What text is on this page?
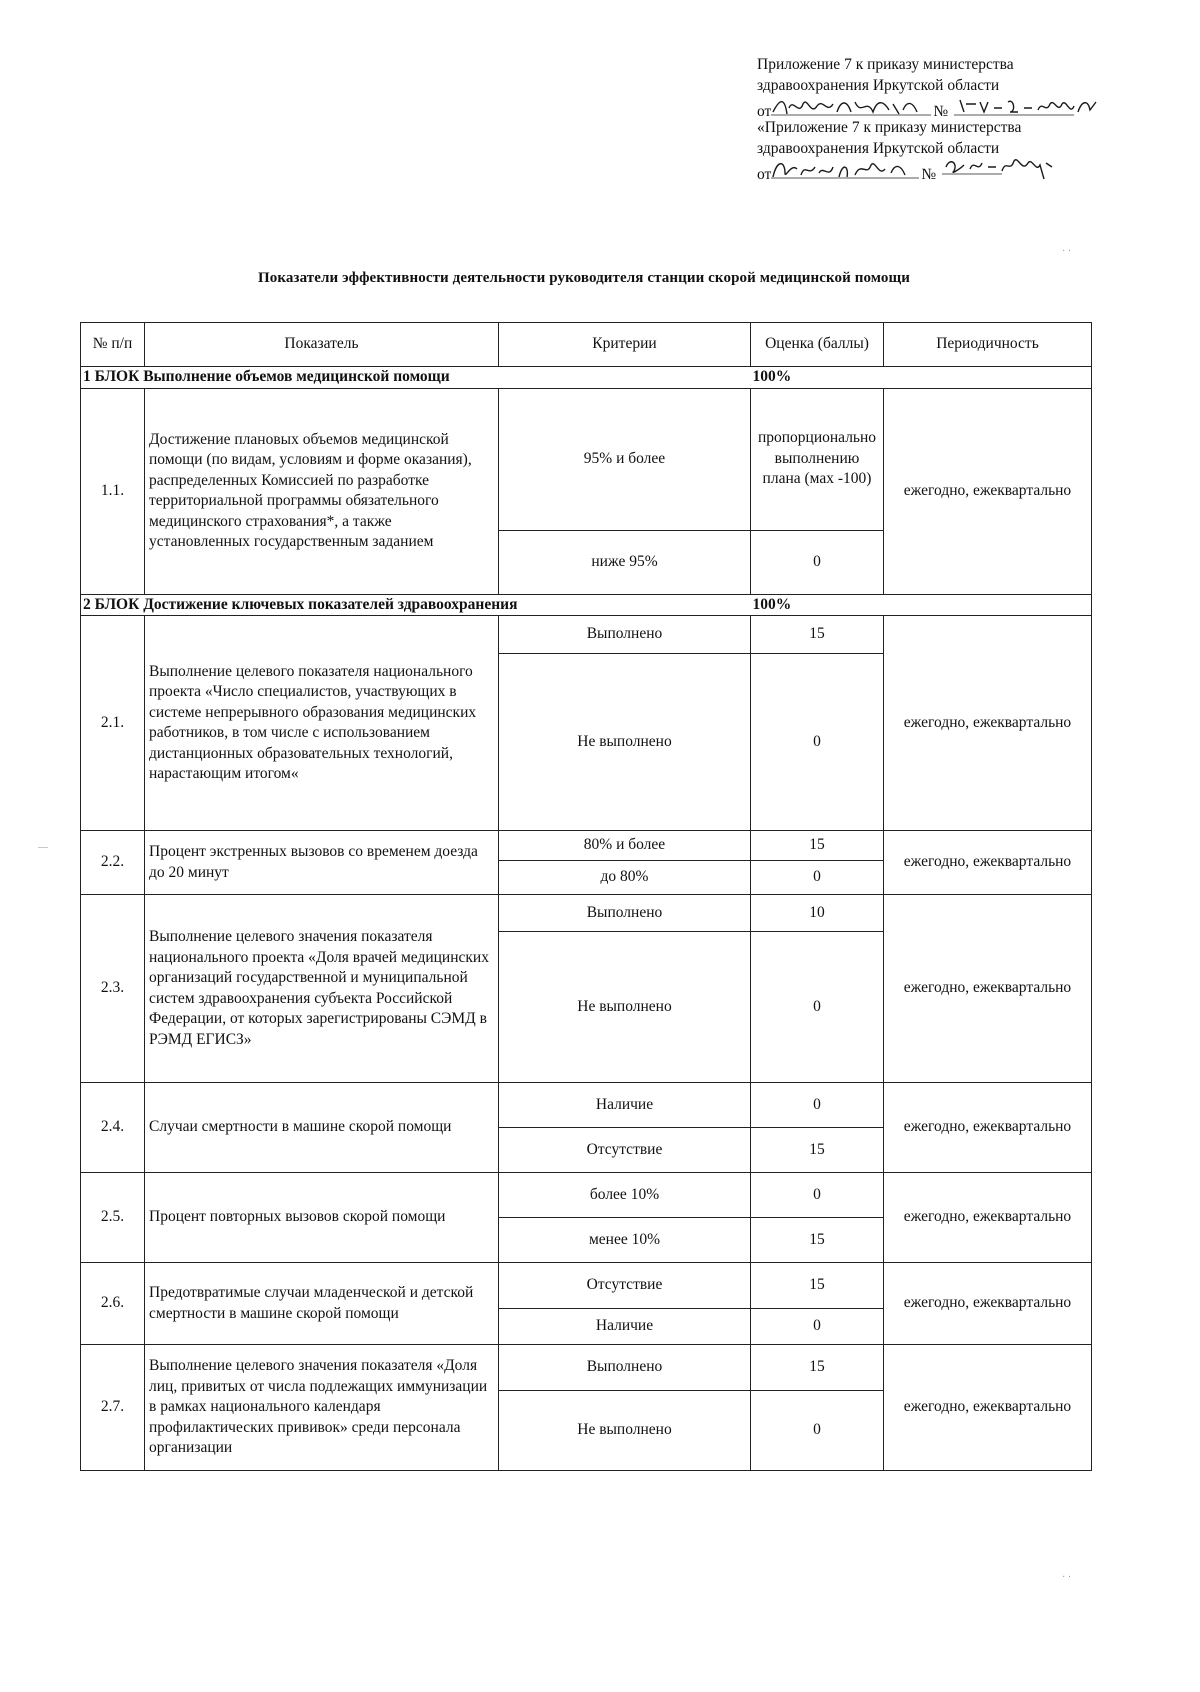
Приложение 7 к приказу министерства
здравоохранения Иркутской области
от	№
«Приложение 7 к приказу министерства
здравоохранения Иркутской области
от	№
Показатели эффективности деятельности руководителя станции скорой медицинской помощи
№ п/п	Показатель	Критерии	Оценка (баллы)	Периодичность
1 БЛОК Выполнение объемов медицинской помощи			100%	
1.1.	Достижение плановых объемов медицинской помощи (по видам, условиям и форме оказания), распределенных Комиссией по разработке территориальной программы обязательного медицинского страхования*, а также установленных государственным заданием	95% и более	пропорционально выполнению плана (мах -100)	ежегодно, ежеквартально
		ниже 95%	0	
2 БЛОК Достижение ключевых показателей здравоохранения			100%	
2.1.	Выполнение целевого показателя национального проекта «Число специалистов, участвующих в системе непрерывного образования медицинских работников, в том числе с использованием дистанционных образовательных технологий, нарастающим итогом«	Выполнено	15	ежегодно, ежеквартально
		Не выполнено	0	
2.2.	Процент экстренных вызовов со временем доезда до 20 минут	80% и более	15	ежегодно, ежеквартально
		до 80%	0	
2.3.	Выполнение целевого значения показателя национального проекта «Доля врачей медицинских организаций государственной и муниципальной систем здравоохранения субъекта Российской Федерации, от которых зарегистрированы СЭМД в РЭМД ЕГИСЗ»	Выполнено	10	ежегодно, ежеквартально
		Не выполнено	0	
2.4.	Случаи смертности в машине скорой помощи	Наличие	0	ежегодно, ежеквартально
		Отсутствие	15	
2.5.	Процент повторных вызовов скорой помощи	более 10%	0	ежегодно, ежеквартально
		менее 10%	15	
2.6.	Предотвратимые случаи младенческой и детской смертности в машине скорой помощи	Отсутствие	15	ежегодно, ежеквартально
		Наличие	0	
2.7.	Выполнение целевого значения показателя «Доля лиц, привитых от числа подлежащих иммунизации в рамках национального календаря профилактических прививок» среди персонала организации	Выполнено	15	ежегодно, ежеквартально
		Не выполнено	0	
· ·
· ·
—
